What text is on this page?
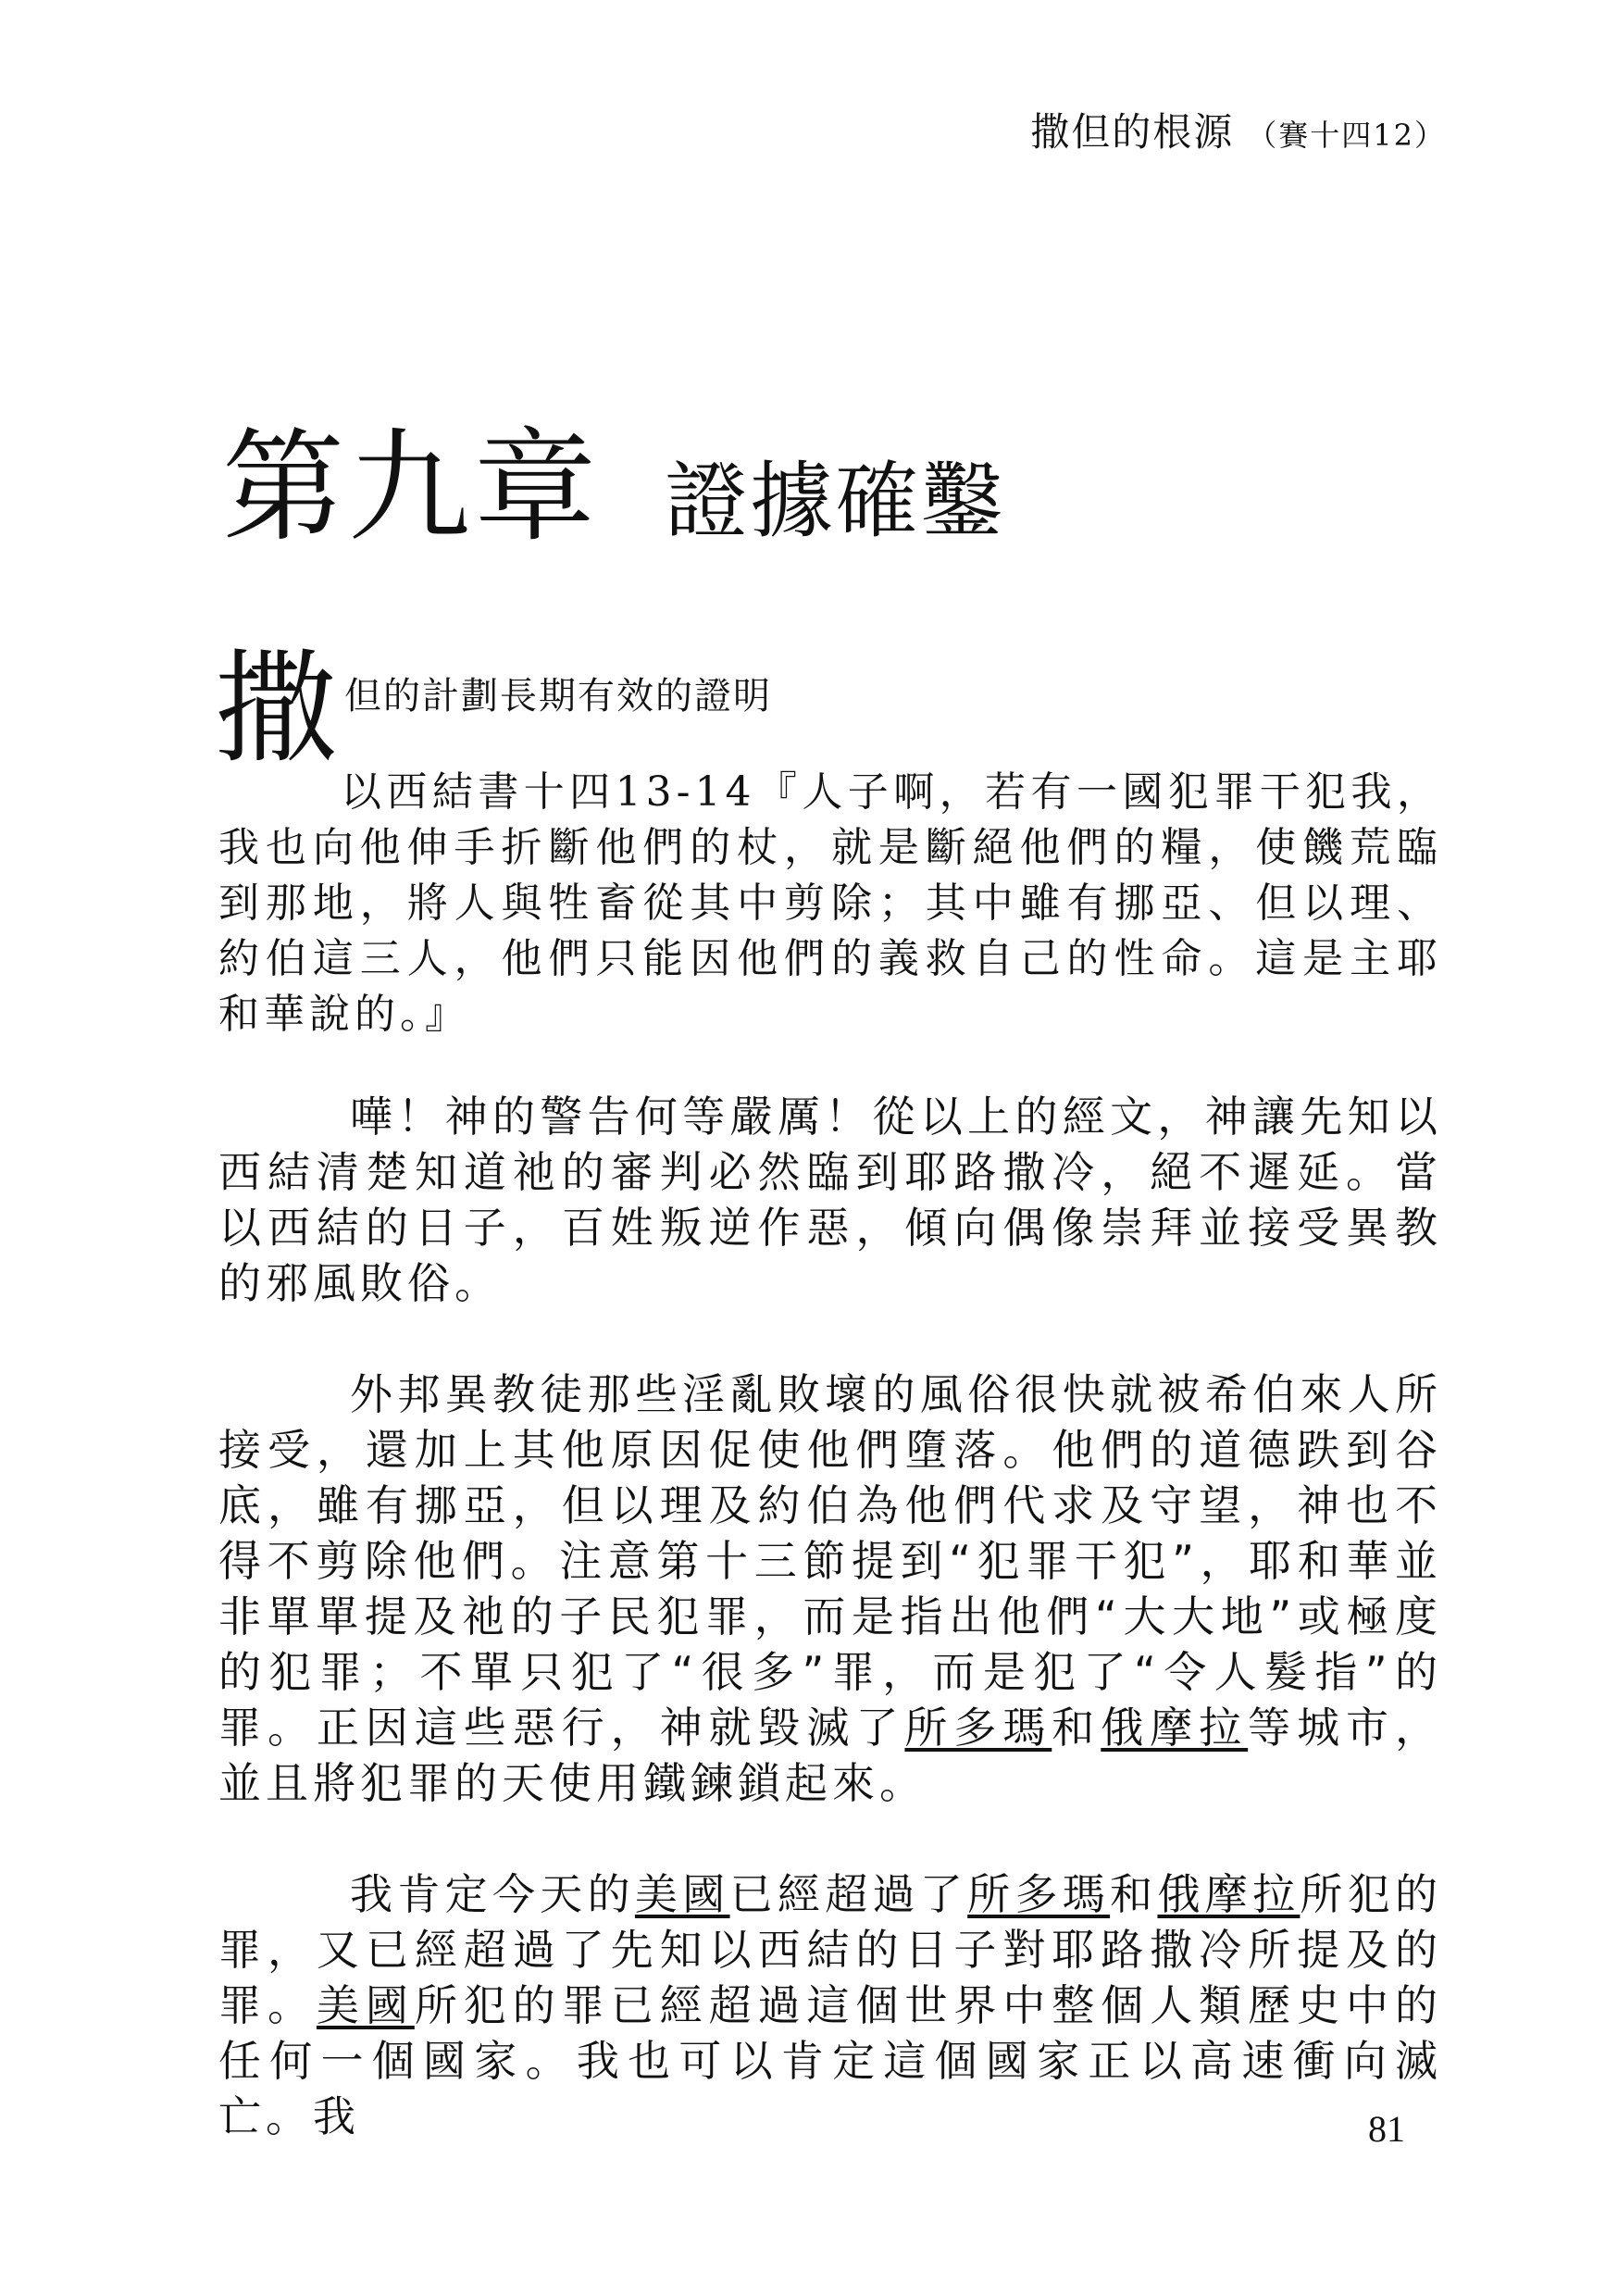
撒但的根源 （賽十四12）
第九章 證據確鑿
撒 但的計劃長期有效的證明

以西結書十四13-14『人子啊，若有一國犯罪干犯我，我也向他伸手折斷他們的杖，就是斷絕他們的糧，使饑荒臨到那地，將人與牲畜從其中剪除；其中雖有挪亞、但以理、約伯這三人，他們只能因他們的義救自己的性命。這是主耶和華說的。』

嘩！神的警告何等嚴厲！從以上的經文，神讓先知以西結清楚知道祂的審判必然臨到耶路撒冷，絕不遲延。當以西結的日子，百姓叛逆作惡，傾向偶像崇拜並接受異教的邪風敗俗。

外邦異教徒那些淫亂敗壞的風俗很快就被希伯來人所接受，還加上其他原因促使他們墮落。他們的道德跌到谷底，雖有挪亞，但以理及約伯為他們代求及守望，神也不得不剪除他們。注意第十三節提到“犯罪干犯”，耶和華並非單單提及祂的子民犯罪，而是指出他們“大大地”或極度的犯罪；不單只犯了“很多”罪，而是犯了“令人髮指”的罪。正因這些惡行，神就毀滅了所多瑪和俄摩拉等城市，並且將犯罪的天使用鐵鍊鎖起來。

我肯定今天的美國已經超過了所多瑪和俄摩拉所犯的罪，又已經超過了先知以西結的日子對耶路撒冷所提及的罪。美國所犯的罪已經超過這個世界中整個人類歷史中的任何一個國家。我也可以肯定這個國家正以高速衝向滅亡。我	81
